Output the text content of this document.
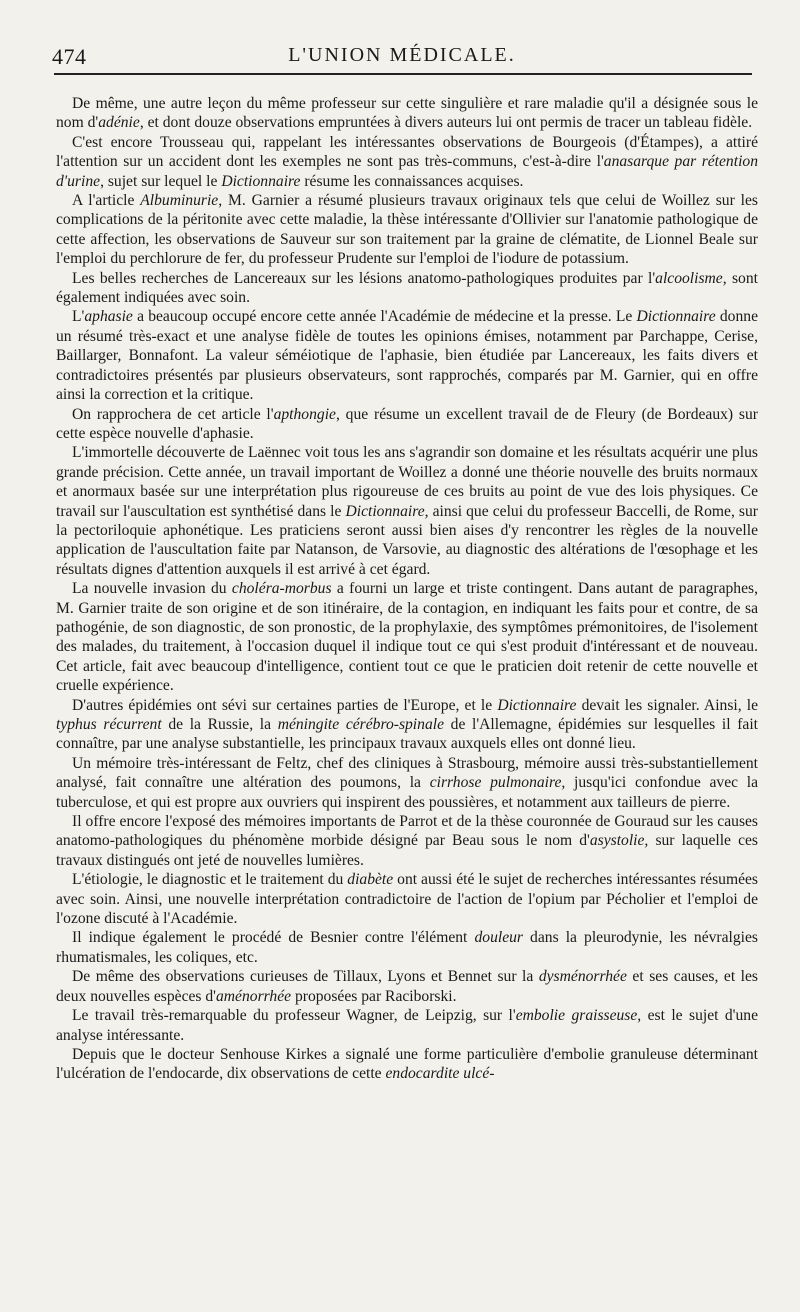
474	L'UNION MÉDICALE.

De même, une autre leçon du même professeur sur cette singulière et rare maladie qu'il a désignée sous le nom d'adénie, et dont douze observations empruntées à divers auteurs lui ont permis de tracer un tableau fidèle.

C'est encore Trousseau qui, rappelant les intéressantes observations de Bourgeois (d'Étampes), a attiré l'attention sur un accident dont les exemples ne sont pas très-communs, c'est-à-dire l'anasarque par rétention d'urine, sujet sur lequel le Dictionnaire résume les connaissances acquises.

A l'article Albuminurie, M. Garnier a résumé plusieurs travaux originaux tels que celui de Woillez sur les complications de la péritonite avec cette maladie, la thèse intéressante d'Ollivier sur l'anatomie pathologique de cette affection, les observations de Sauveur sur son traitement par la graine de clématite, de Lionnel Beale sur l'emploi du perchlorure de fer, du professeur Prudente sur l'emploi de l'iodure de potassium.

Les belles recherches de Lancereaux sur les lésions anatomo-pathologiques produites par l'alcoolisme, sont également indiquées avec soin.

L'aphasie a beaucoup occupé encore cette année l'Académie de médecine et la presse. Le Dictionnaire donne un résumé très-exact et une analyse fidèle de toutes les opinions émises, notamment par Parchappe, Cerise, Baillarger, Bonnafont. La valeur séméiotique de l'aphasie, bien étudiée par Lancereaux, les faits divers et contradictoires présentés par plusieurs observateurs, sont rapprochés, comparés par M. Garnier, qui en offre ainsi la correction et la critique.

On rapprochera de cet article l'apthongie, que résume un excellent travail de de Fleury (de Bordeaux) sur cette espèce nouvelle d'aphasie.

L'immortelle découverte de Laënnec voit tous les ans s'agrandir son domaine et les résultats acquérir une plus grande précision. Cette année, un travail important de Woillez a donné une théorie nouvelle des bruits normaux et anormaux basée sur une interprétation plus rigoureuse de ces bruits au point de vue des lois physiques. Ce travail sur l'auscultation est synthétisé dans le Dictionnaire, ainsi que celui du professeur Baccelli, de Rome, sur la pectoriloquie aphonétique. Les praticiens seront aussi bien aises d'y rencontrer les règles de la nouvelle application de l'auscultation faite par Natanson, de Varsovie, au diagnostic des altérations de l'œsophage et les résultats dignes d'attention auxquels il est arrivé à cet égard.

La nouvelle invasion du choléra-morbus a fourni un large et triste contingent. Dans autant de paragraphes, M. Garnier traite de son origine et de son itinéraire, de la contagion, en indiquant les faits pour et contre, de sa pathogénie, de son diagnostic, de son pronostic, de la prophylaxie, des symptômes prémonitoires, de l'isolement des malades, du traitement, à l'occasion duquel il indique tout ce qui s'est produit d'intéressant et de nouveau. Cet article, fait avec beaucoup d'intelligence, contient tout ce que le praticien doit retenir de cette nouvelle et cruelle expérience.

D'autres épidémies ont sévi sur certaines parties de l'Europe, et le Dictionnaire devait les signaler. Ainsi, le typhus récurrent de la Russie, la méningite cérébro-spinale de l'Allemagne, épidémies sur lesquelles il fait connaître, par une analyse substantielle, les principaux travaux auxquels elles ont donné lieu.

Un mémoire très-intéressant de Feltz, chef des cliniques à Strasbourg, mémoire aussi très-substantiellement analysé, fait connaître une altération des poumons, la cirrhose pulmonaire, jusqu'ici confondue avec la tuberculose, et qui est propre aux ouvriers qui inspirent des poussières, et notamment aux tailleurs de pierre.

Il offre encore l'exposé des mémoires importants de Parrot et de la thèse couronnée de Gouraud sur les causes anatomo-pathologiques du phénomène morbide désigné par Beau sous le nom d'asystolie, sur laquelle ces travaux distingués ont jeté de nouvelles lumières.

L'étiologie, le diagnostic et le traitement du diabète ont aussi été le sujet de recherches intéressantes résumées avec soin. Ainsi, une nouvelle interprétation contradictoire de l'action de l'opium par Pécholier et l'emploi de l'ozone discuté à l'Académie.

Il indique également le procédé de Besnier contre l'élément douleur dans la pleurodynie, les névralgies rhumatismales, les coliques, etc.

De même des observations curieuses de Tillaux, Lyons et Bennet sur la dysménorrhée et ses causes, et les deux nouvelles espèces d'aménorrhée proposées par Raciborski.

Le travail très-remarquable du professeur Wagner, de Leipzig, sur l'embolie graisseuse, est le sujet d'une analyse intéressante.

Depuis que le docteur Senhouse Kirkes a signalé une forme particulière d'embolie granuleuse déterminant l'ulcération de l'endocarde, dix observations de cette endocardite ulcé-
